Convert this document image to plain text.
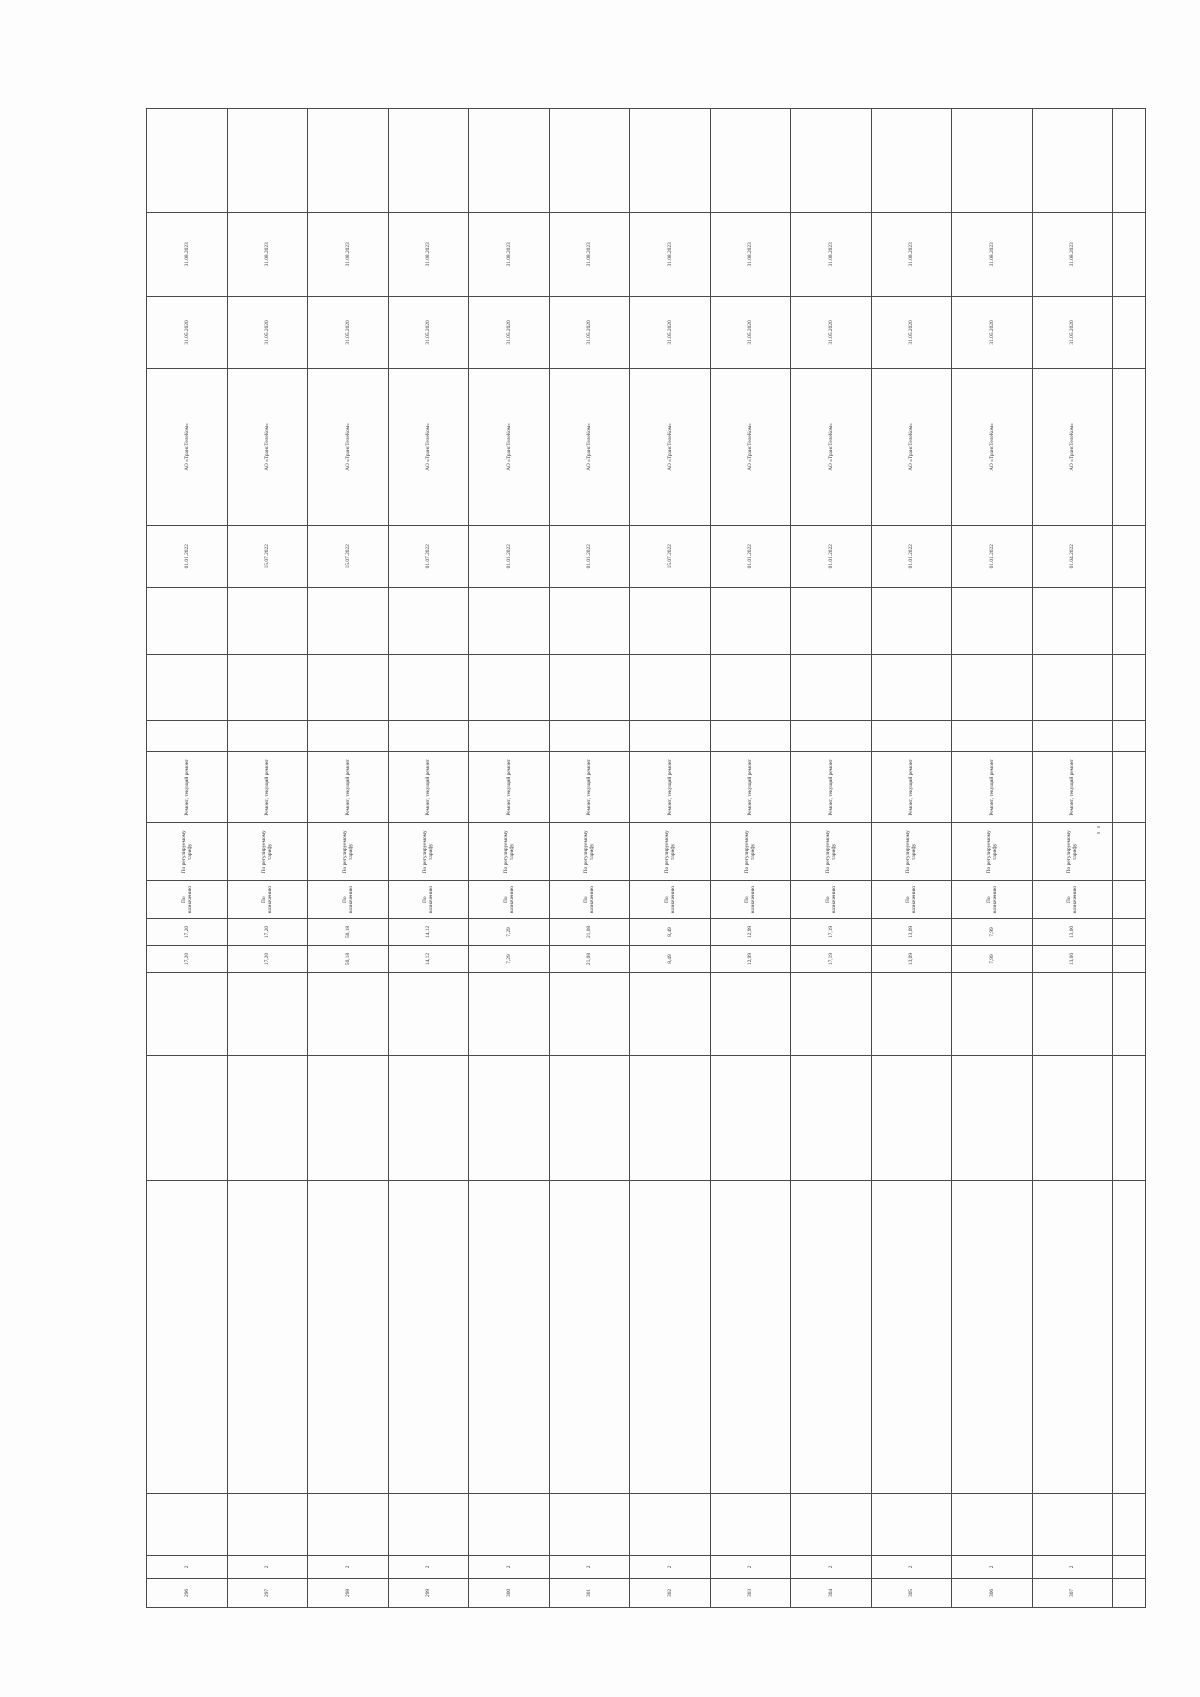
296	2					17,20	17,20	По назначению	По регулируемому тарифу	Ремонт, текущий ремонт				01.01.2022	АО «ТрансТелеКом»	31.05.2020	31.08.2023	
297	2					17,20	17,20	По назначению	По регулируемому тарифу	Ремонт, текущий ремонт				15.07.2022	АО «ТрансТелеКом»	31.05.2020	31.08.2023	
298	2					50,18	50,18	По назначению	По регулируемому тарифу	Ремонт, текущий ремонт				15.07.2022	АО «ТрансТелеКом»	31.05.2020	31.08.2023	
299	2					14,12	14,12	По назначению	По регулируемому тарифу	Ремонт, текущий ремонт				01.07.2022	АО «ТрансТелеКом»	31.05.2020	31.08.2023	
300	2					7,29	7,29	По назначению	По регулируемому тарифу	Ремонт, текущий ремонт				01.01.2022	АО «ТрансТелеКом»	31.05.2020	31.08.2023	
301	2					21,08	21,08	По назначению	По регулируемому тарифу	Ремонт, текущий ремонт				01.01.2022	АО «ТрансТелеКом»	31.05.2020	31.08.2023	
302	2					8,49	8,49	По назначению	По регулируемому тарифу	Ремонт, текущий ремонт				15.07.2022	АО «ТрансТелеКом»	31.05.2020	31.08.2023	
303	2					12,99	12,99	По назначению	По регулируемому тарифу	Ремонт, текущий ремонт				01.01.2022	АО «ТрансТелеКом»	31.05.2020	31.08.2023	
304	2					17,19	17,19	По назначению	По регулируемому тарифу	Ремонт, текущий ремонт				01.01.2022	АО «ТрансТелеКом»	31.05.2020	31.08.2023	
305	2					13,09	13,09	По назначению	По регулируемому тарифу	Ремонт, текущий ремонт				01.01.2022	АО «ТрансТелеКом»	31.05.2020	31.08.2023	
306	2					7,99	7,99	По назначению	По регулируемому тарифу	Ремонт, текущий ремонт				01.01.2022	АО «ТрансТелеКом»	31.05.2020	31.08.2023	
307	2					13,00	13,00	По назначению	По регулируемому тарифу	Ремонт, текущий ремонт				01.04.2022	АО «ТрансТелеКом»	31.05.2020	31.08.2023	
